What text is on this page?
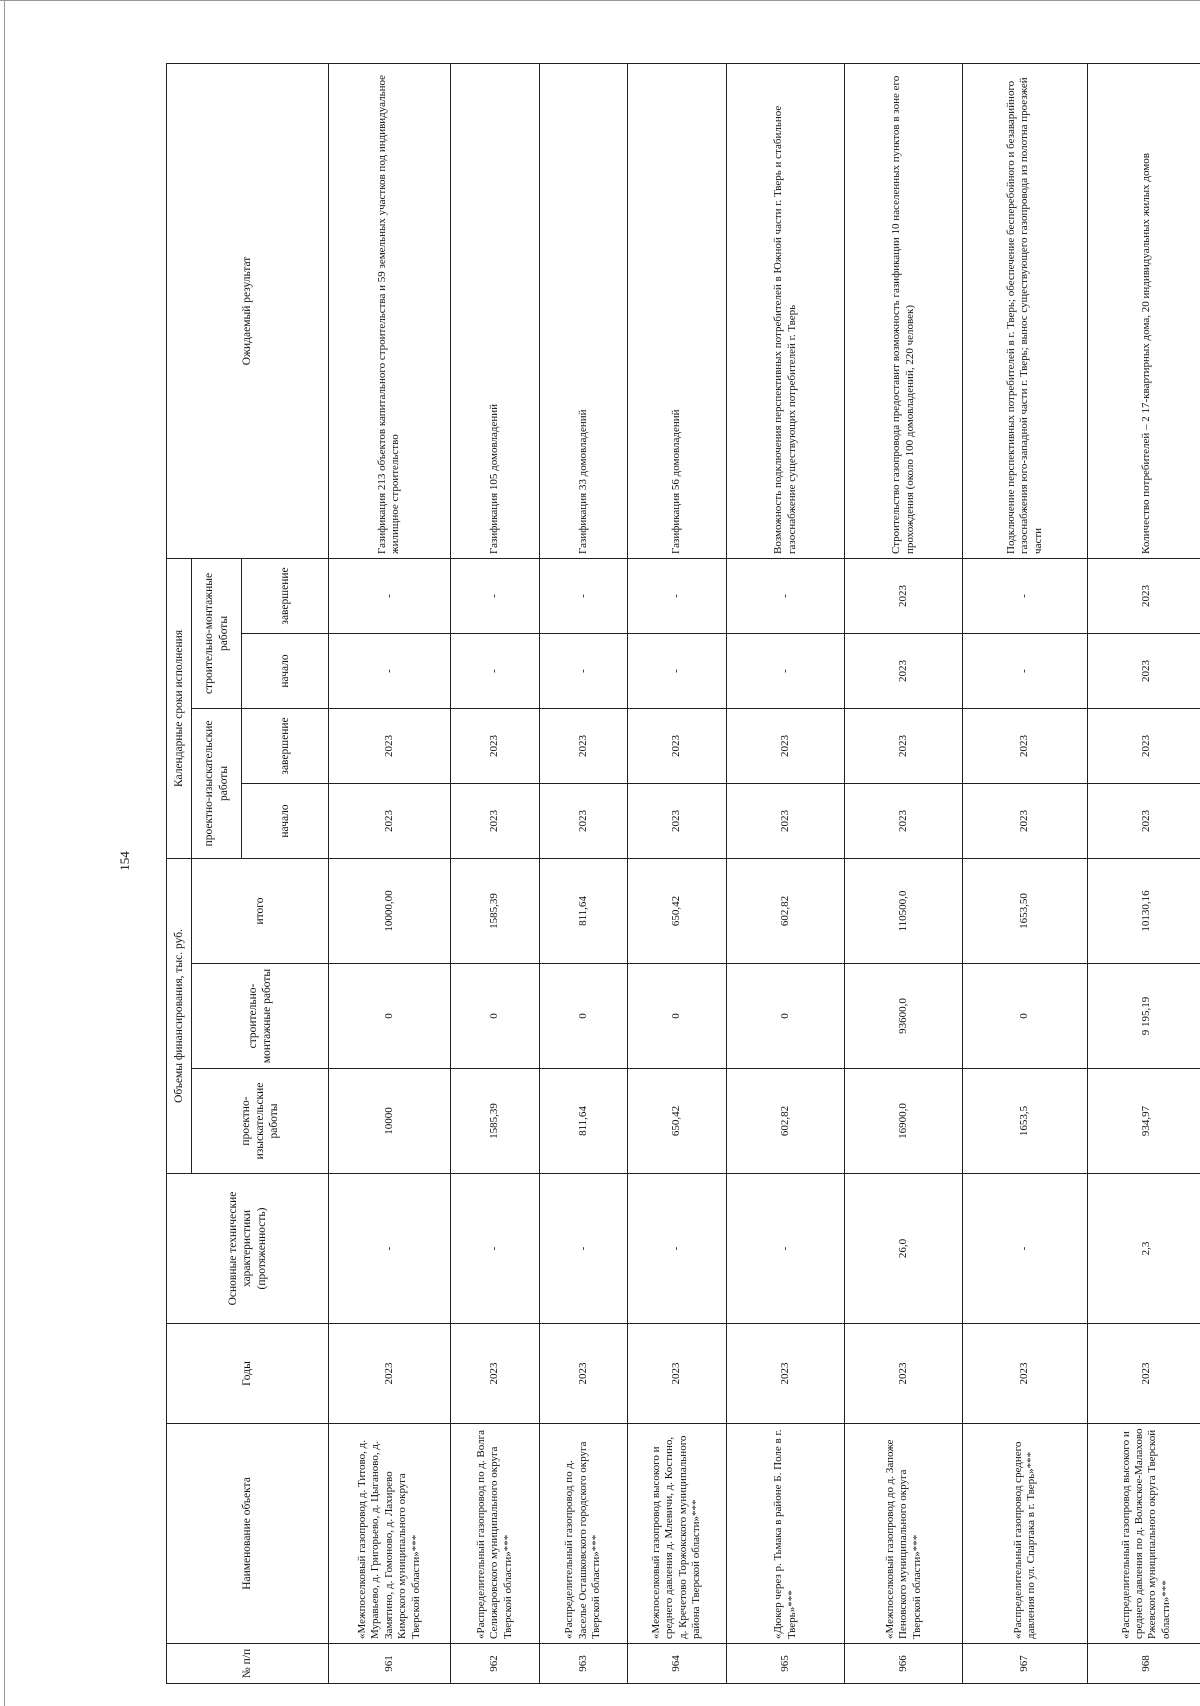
154
№ п/п	Наименование объекта	Годы	Основные технические характеристики (протяженность)	Объемы финансирования, тыс. руб.			Календарные сроки исполнения				Ожидаемый результат
				проектно-изыскательские работы	строительно-монтажные работы	итого	проектно-изыскательские работы		строительно-монтажные работы		
							начало	завершение	начало	завершение	
961	«Межпоселковый газопровод д. Титово, д. Муравьево, д. Григорьево, д. Цыганово, д. Замятино, д. Гомоново, д. Лахирево Кимрского муниципального округа Тверской области»***	2023	-	10000	0	10000,00	2023	2023	-	-	Газификация 213 объектов капитального строительства и 59 земельных участков под индивидуальное жилищное строительство
962	«Распределительный газопровод по д. Волга Селижаровского муниципального округа Тверской области»***	2023	-	1585,39	0	1585,39	2023	2023	-	-	Газификация 105 домовладений
963	«Распределительный газопровод по д. Заселье Осташковского городского округа Тверской области»***	2023	-	811,64	0	811,64	2023	2023	-	-	Газификация 33 домовладений
964	«Межпоселковый газопровод высокого и среднего давления д. Млевичи, д. Костино, д. Кречетово Торжокского муниципального района Тверской области»***	2023	-	650,42	0	650,42	2023	2023	-	-	Газификация 56 домовладений
965	«Дюкер через р. Тьмака в районе Б. Поле в г. Тверь»***	2023	-	602,82	0	602,82	2023	2023	-	-	Возможность подключения перспективных потребителей в Южной части г. Тверь и стабильное газоснабжение существующих потребителей г. Тверь
966	«Межпоселковый газопровод до д. Запоже Пеновского муниципального округа Тверской области»***	2023	26,0	16900,0	93600,0	110500,0	2023	2023	2023	2023	Строительство газопровода предоставит возможность газификации 10 населенных пунктов в зоне его прохождения (около 100 домовладений, 220 человек)
967	«Распределительный газопровод среднего давления по ул. Спартака в г. Тверь»***	2023	-	1653,5	0	1653,50	2023	2023	-	-	Подключение перспективных потребителей в г. Тверь; обеспечение бесперебойного и безаварийного газоснабжения юго-западной части г. Тверь; вынос существующего газопровода из полотна проезжей части
968	«Распределительный газопровод высокого и среднего давления по д. Волжское-Малахово Ржевского муниципального округа Тверской области»***	2023	2,3	934,97	9 195,19	10130,16	2023	2023	2023	2023	Количество потребителей – 2 17-квартирных дома, 20 индивидуальных жилых домов
